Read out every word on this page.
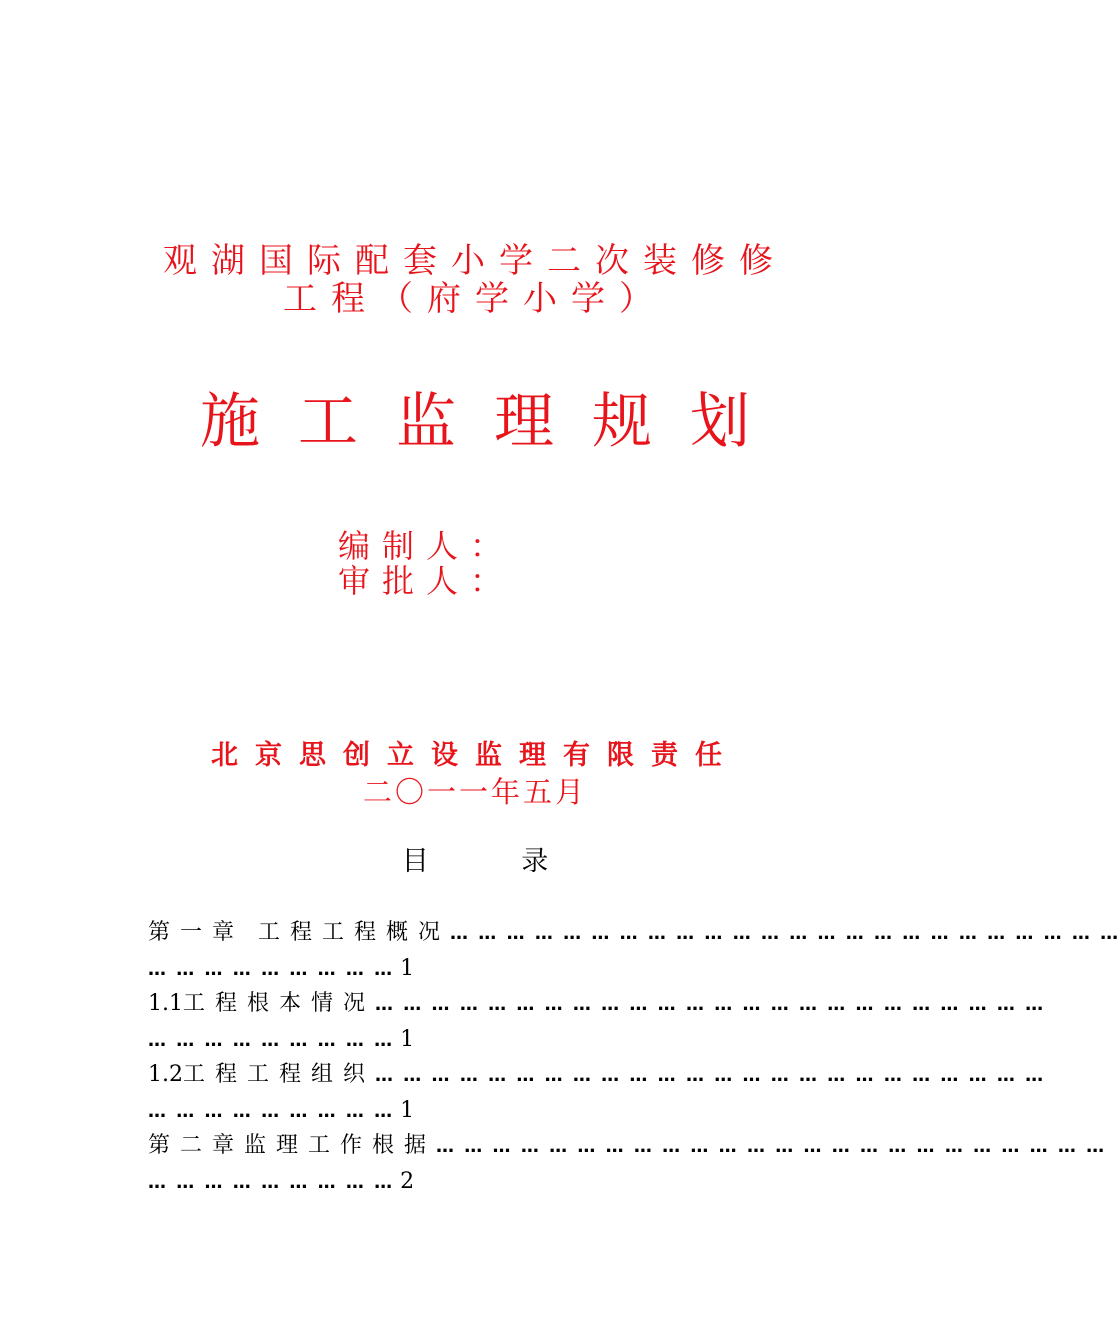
观湖国际配套小学二次装修修
工程（府学小学）
施工监理规划
编制人：
审批人：
北京思创立设监理有限责任
二〇一一年五月
目 录
第一章 工程工程概况… … … … … … … … … … … … … … … … … … … … … … … …
… … … … … … … … … 1
1.1工程根本情况… … … … … … … … … … … … … … … … … … … … … … … …
… … … … … … … … … 1
1.2工程工程组织… … … … … … … … … … … … … … … … … … … … … … … …
… … … … … … … … … 1
第二章监理工作根据… … … … … … … … … … … … … … … … … … … … … … … …
… … … … … … … … … 2
